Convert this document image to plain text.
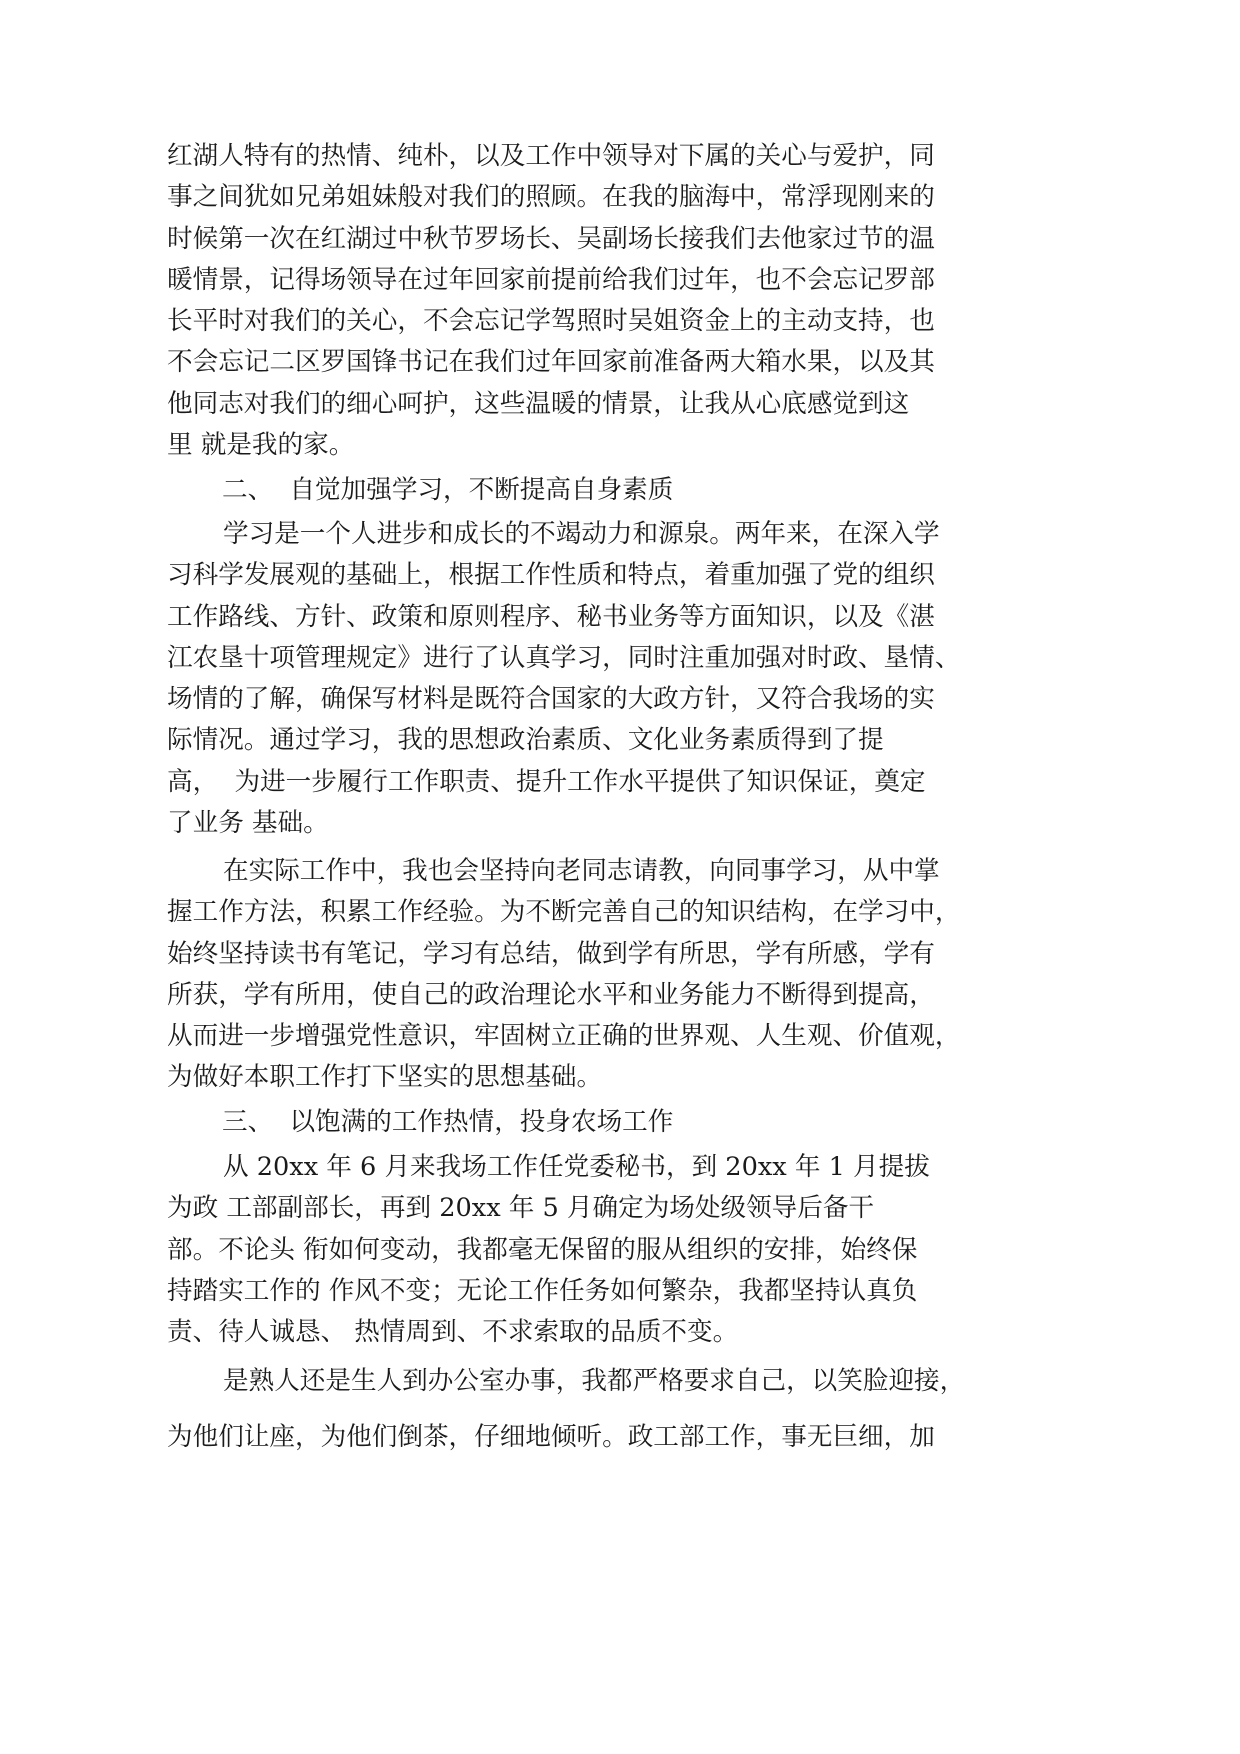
红湖人特有的热情、纯朴，以及工作中领导对下属的关心与爱护，同
事之间犹如兄弟姐妹般对我们的照顾。在我的脑海中，常浮现刚来的
时候第一次在红湖过中秋节罗场长、吴副场长接我们去他家过节的温
暖情景，记得场领导在过年回家前提前给我们过年，也不会忘记罗部
长平时对我们的关心，不会忘记学驾照时吴姐资金上的主动支持，也
不会忘记二区罗国锋书记在我们过年回家前准备两大箱水果，以及其
他同志对我们的细心呵护，这些温暖的情景，让我从心底感觉到这
里 就是我的家。
二、  自觉加强学习，不断提高自身素质
学习是一个人进步和成长的不竭动力和源泉。两年来，在深入学
习科学发展观的基础上，根据工作性质和特点，着重加强了党的组织
工作路线、方针、政策和原则程序、秘书业务等方面知识，以及《湛
江农垦十项管理规定》进行了认真学习，同时注重加强对时政、垦情、
场情的了解，确保写材料是既符合国家的大政方针，又符合我场的实
际情况。通过学习，我的思想政治素质、文化业务素质得到了提
高，  为进一步履行工作职责、提升工作水平提供了知识保证，奠定
了业务 基础。
在实际工作中，我也会坚持向老同志请教，向同事学习，从中掌
握工作方法，积累工作经验。为不断完善自己的知识结构，在学习中，
始终坚持读书有笔记，学习有总结，做到学有所思，学有所感，学有
所获，学有所用，使自己的政治理论水平和业务能力不断得到提高，
从而进一步增强党性意识，牢固树立正确的世界观、人生观、价值观，
为做好本职工作打下坚实的思想基础。
三、  以饱满的工作热情，投身农场工作
从 20xx 年 6 月来我场工作任党委秘书，到 20xx 年 1 月提拔
为政 工部副部长，再到 20xx 年 5 月确定为场处级领导后备干
部。不论头 衔如何变动，我都毫无保留的服从组织的安排，始终保
持踏实工作的 作风不变；无论工作任务如何繁杂，我都坚持认真负
责、待人诚恳、 热情周到、不求索取的品质不变。
是熟人还是生人到办公室办事，我都严格要求自己，以笑脸迎接，
为他们让座，为他们倒茶，仔细地倾听。政工部工作，事无巨细，加
